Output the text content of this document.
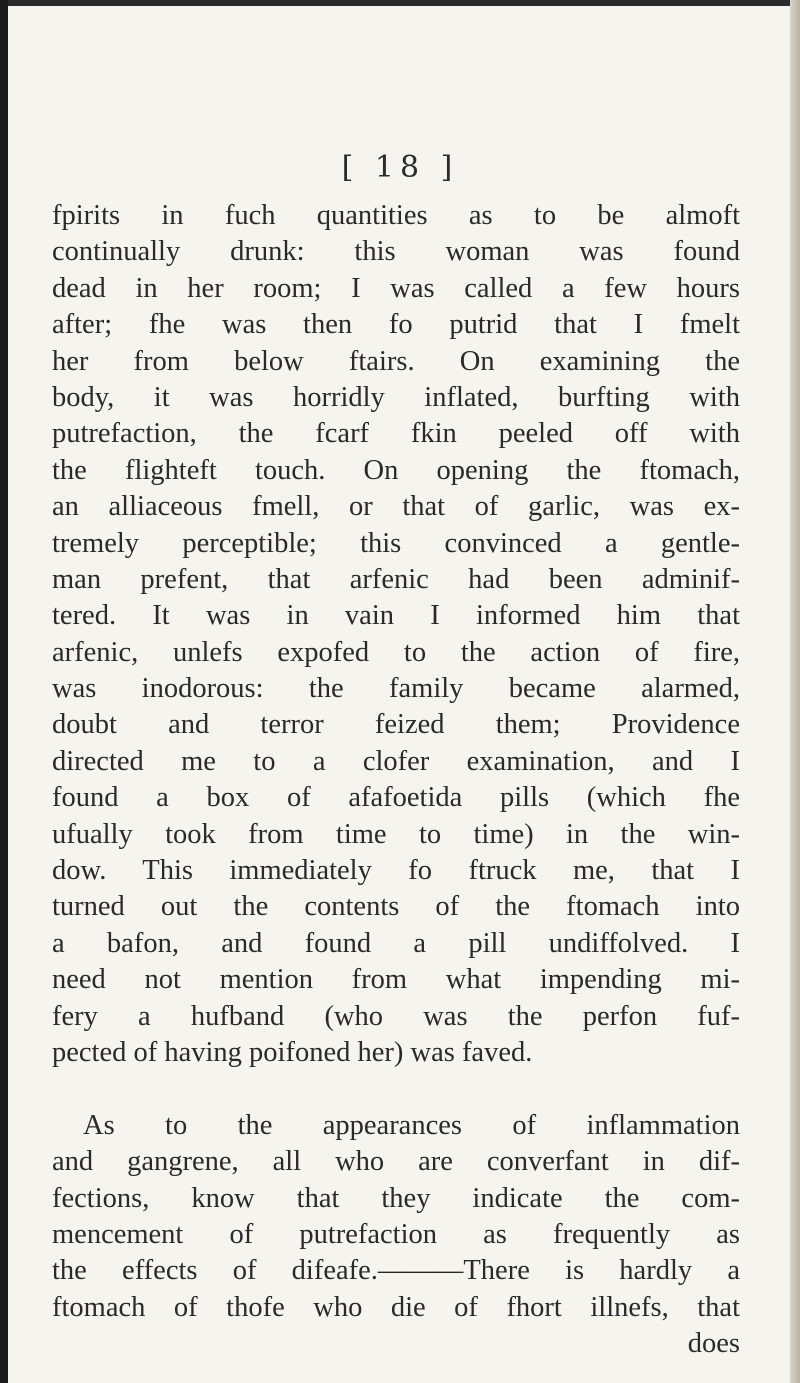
[ 18 ]
fpirits in fuch quantities as to be almoft
continually drunk: this woman was found
dead in her room; I was called a few hours
after; fhe was then fo putrid that I fmelt
her from below ftairs. On examining the
body, it was horridly inflated, burfting with
putrefaction, the fcarf fkin peeled off with
the flighteft touch. On opening the ftomach,
an alliaceous fmell, or that of garlic, was ex-
tremely perceptible; this convinced a gentle-
man prefent, that arfenic had been adminif-
tered. It was in vain I informed him that
arfenic, unlefs expofed to the action of fire,
was inodorous: the family became alarmed,
doubt and terror feized them; Providence
directed me to a clofer examination, and I
found a box of afafoetida pills (which fhe
ufually took from time to time) in the win-
dow. This immediately fo ftruck me, that I
turned out the contents of the ftomach into
a bafon, and found a pill undiffolved. I
need not mention from what impending mi-
fery a hufband (who was the perfon fuf-
pected of having poifoned her) was faved.
As to the appearances of inflammation
and gangrene, all who are converfant in dif-
fections, know that they indicate the com-
mencement of putrefaction as frequently as
the effects of difeafe.———There is hardly a
ftomach of thofe who die of fhort illnefs, that
does
